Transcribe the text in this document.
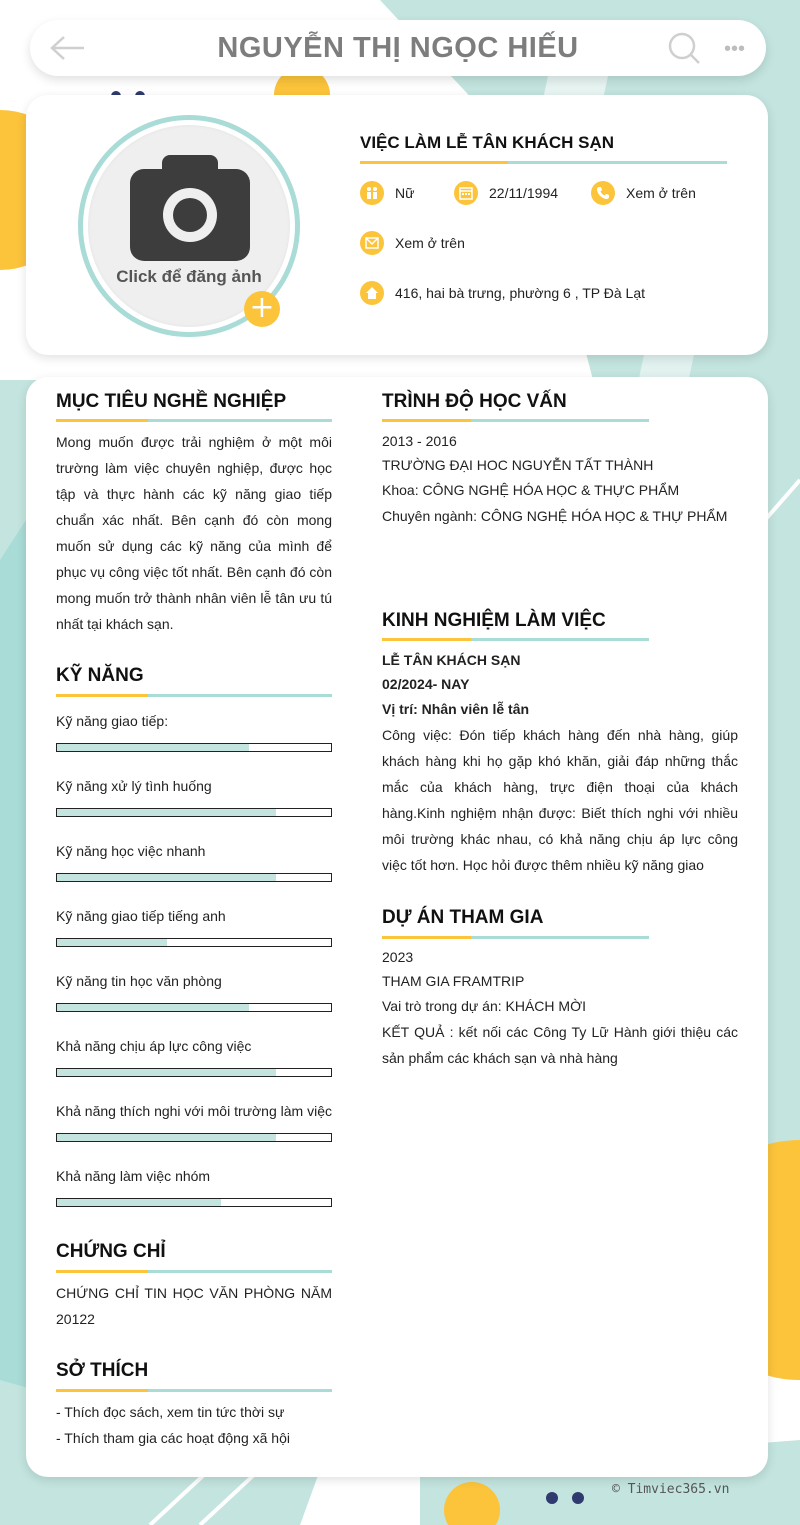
NGUYỄN THỊ NGỌC HIẾU	•••
Click để đăng ảnh
+
VIỆC LÀM LỄ TÂN KHÁCH SẠN
Nữ	22/11/1994	Xem ở trên
Xem ở trên
416, hai bà trưng, phường 6 , TP Đà Lạt
MỤC TIÊU NGHỀ NGHIỆP
Mong muốn được trải nghiệm ở một môi trường làm việc chuyên nghiệp, được học tập và thực hành các kỹ năng giao tiếp chuẩn xác nhất. Bên cạnh đó còn mong muốn sử dụng các kỹ năng của mình để phục vụ công việc tốt nhất. Bên cạnh đó còn mong muốn trở thành nhân viên lễ tân ưu tú nhất tại khách sạn.
KỸ NĂNG
CHỨNG CHỈ
CHỨNG CHỈ TIN HỌC VĂN PHÒNG NĂM 20122
SỞ THÍCH
- Thích đọc sách, xem tin tức thời sự
- Thích tham gia các hoạt động xã hội
TRÌNH ĐỘ HỌC VẤN
2013 - 2016
TRƯỜNG ĐẠI HOC NGUYỄN TẤT THÀNH
Khoa: CÔNG NGHỆ HÓA HỌC & THỰC PHẨM
Chuyên ngành: CÔNG NGHỆ HÓA HỌC & THỰ PHẨM
KINH NGHIỆM LÀM VIỆC
LỄ TÂN KHÁCH SẠN
02/2024- NAY
Vị trí: Nhân viên lễ tân
Công việc: Đón tiếp khách hàng đến nhà hàng, giúp khách hàng khi họ gặp khó khăn, giải đáp những thắc mắc của khách hàng, trực điện thoại của khách hàng.Kinh nghiệm nhận được: Biết thích nghi với nhiều môi trường khác nhau, có khả năng chịu áp lực công việc tốt hơn. Học hỏi được thêm nhiều kỹ năng giao
DỰ ÁN THAM GIA
2023
THAM GIA FRAMTRIP
Vai trò trong dự án: KHÁCH MỜI
KẾT QUẢ : kết nối các Công Ty Lữ Hành giới thiệu các sản phẩm các khách sạn và nhà hàng
Kỹ năng giao tiếp:
Kỹ năng xử lý tình huống
Kỹ năng học việc nhanh
Kỹ năng giao tiếp tiếng anh
Kỹ năng tin học văn phòng
Khả năng chịu áp lực công việc
Khả năng thích nghi với môi trường làm việc
Khả năng làm việc nhóm
© Timviec365.vn
